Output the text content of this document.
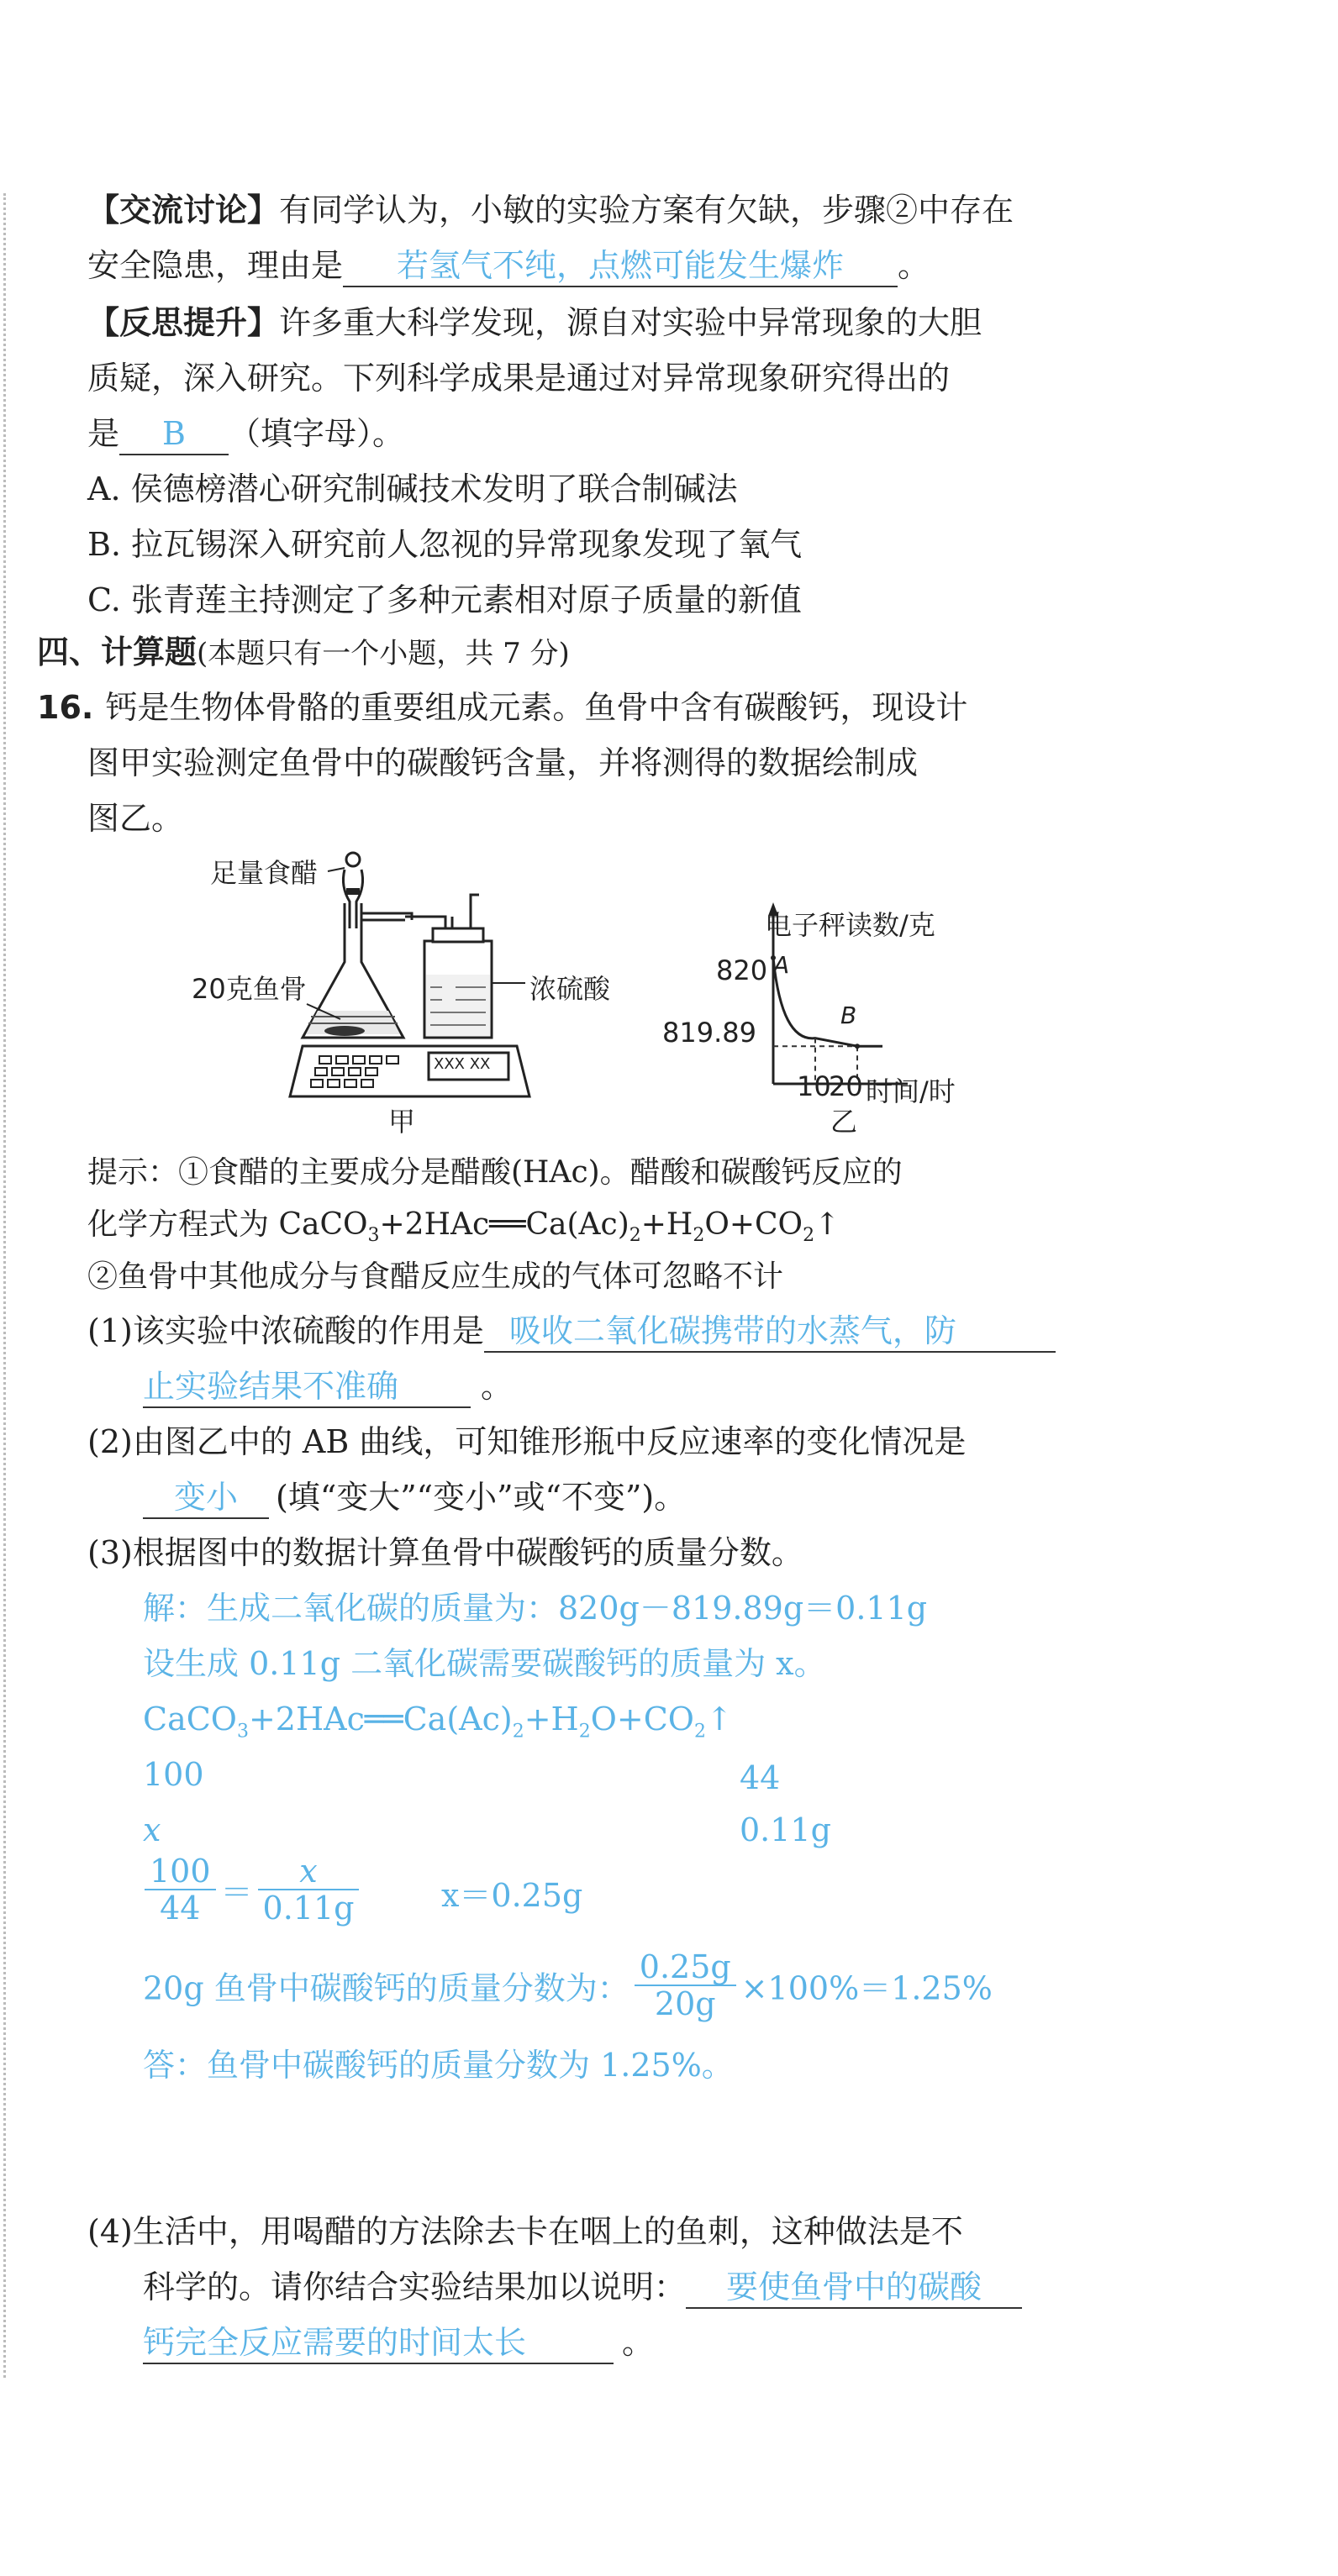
【交流讨论】有同学认为，小敏的实验方案有欠缺，步骤②中存在
安全隐患，理由是 若氢气不纯，点燃可能发生爆炸 。
【反思提升】许多重大科学发现，源自对实验中异常现象的大胆
质疑，深入研究。下列科学成果是通过对异常现象研究得出的
是 B （填字母）。
A. 侯德榜潜心研究制碱技术发明了联合制碱法
B. 拉瓦锡深入研究前人忽视的异常现象发现了氧气
C. 张青莲主持测定了多种元素相对原子质量的新值
四、计算题(本题只有一个小题，共 7 分)
16. 钙是生物体骨骼的重要组成元素。鱼骨中含有碳酸钙，现设计
图甲实验测定鱼骨中的碳酸钙含量，并将测得的数据绘制成
图乙。
足量食醋
20克鱼骨	浓硫酸
XXX XX
甲
电子秤读数/克
820
819.89
A
B
10
20 时间/时
乙
提示：①食醋的主要成分是醋酸(HAc)。醋酸和碳酸钙反应的
化学方程式为 $CaCO_3+2HAc══Ca(Ac)_2+H_2O+CO_2↑$
②鱼骨中其他成分与食醋反应生成的气体可忽略不计
(1)该实验中浓硫酸的作用是 吸收二氧化碳携带的水蒸气，防
止实验结果不准确	。
(2)由图乙中的 AB 曲线，可知锥形瓶中反应速率的变化情况是
变小 (填“变大”“变小”或“不变”)。
(3)根据图中的数据计算鱼骨中碳酸钙的质量分数。
解：生成二氧化碳的质量为：820g－819.89g＝0.11g
设生成 0.11g 二氧化碳需要碳酸钙的质量为 x。
$CaCO_3+2HAc══Ca(Ac)_2+H_2O+CO_2↑$
100	44
x	0.11g
$\frac{100}{44} = \frac{x}{0.11g}$	x＝0.25g
20g 鱼骨中碳酸钙的质量分数为： $\frac{0.25g}{20g} \times 100\%=1.25\%$
答：鱼骨中碳酸钙的质量分数为 1.25%。
(4)生活中，用喝醋的方法除去卡在咽上的鱼刺，这种做法是不
科学的。请你结合实验结果加以说明： 要使鱼骨中的碳酸
钙完全反应需要的时间太长	。
